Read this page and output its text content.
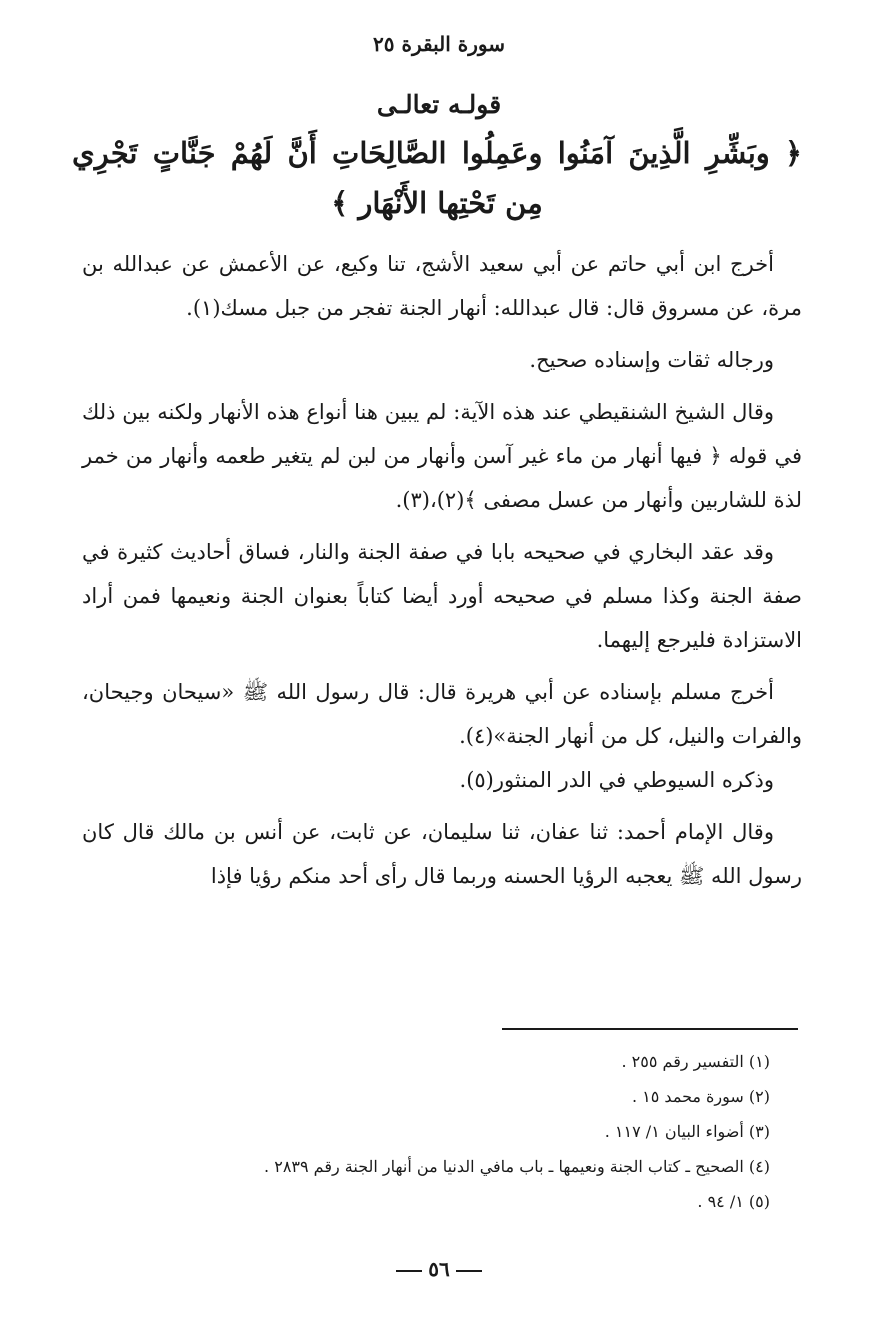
سورة البقرة ٢٥
قولـه تعالـى
﴿ وبَشِّرِ الَّذِينَ آمَنُوا وعَمِلُوا الصَّالِحَاتِ أَنَّ لَهُمْ جَنَّاتٍ تَجْرِي مِن تَحْتِها الأَنْهَار ﴾

أخرج ابن أبي حاتم عن أبي سعيد الأشج، تنا وكيع، عن الأعمش عن عبدالله بن مرة، عن مسروق قال: قال عبدالله: أنهار الجنة تفجر من جبل مسك(١).

ورجاله ثقات وإسناده صحيح.

وقال الشيخ الشنقيطي عند هذه الآية: لم يبين هنا أنواع هذه الأنهار ولكنه بين ذلك في قوله ﴿ فيها أنهار من ماء غير آسن وأنهار من لبن لم يتغير طعمه وأنهار من خمر لذة للشاربين وأنهار من عسل مصفى ﴾(٢)،(٣).

وقد عقد البخاري في صحيحه بابا في صفة الجنة والنار، فساق أحاديث كثيرة في صفة الجنة وكذا مسلم في صحيحه أورد أيضا كتاباً بعنوان الجنة ونعيمها فمن أراد الاستزادة فليرجع إليهما.

أخرج مسلم بإسناده عن أبي هريرة قال: قال رسول الله ﷺ «سيحان وجيحان، والفرات والنيل، كل من أنهار الجنة»(٤).

وذكره السيوطي في الدر المنثور(٥).

وقال الإمام أحمد: ثنا عفان، ثنا سليمان، عن ثابت، عن أنس بن مالك قال كان رسول الله ﷺ يعجبه الرؤيا الحسنه وربما قال رأى أحد منكم رؤيا فإذا

(١) التفسير رقم ٢٥٥ .
(٢) سورة محمد ١٥ .
(٣) أضواء البيان ١/ ١١٧ .
(٤) الصحيح ـ كتاب الجنة ونعيمها ـ باب مافي الدنيا من أنهار الجنة رقم ٢٨٣٩ .
(٥) ١/ ٩٤ .
٥٦
